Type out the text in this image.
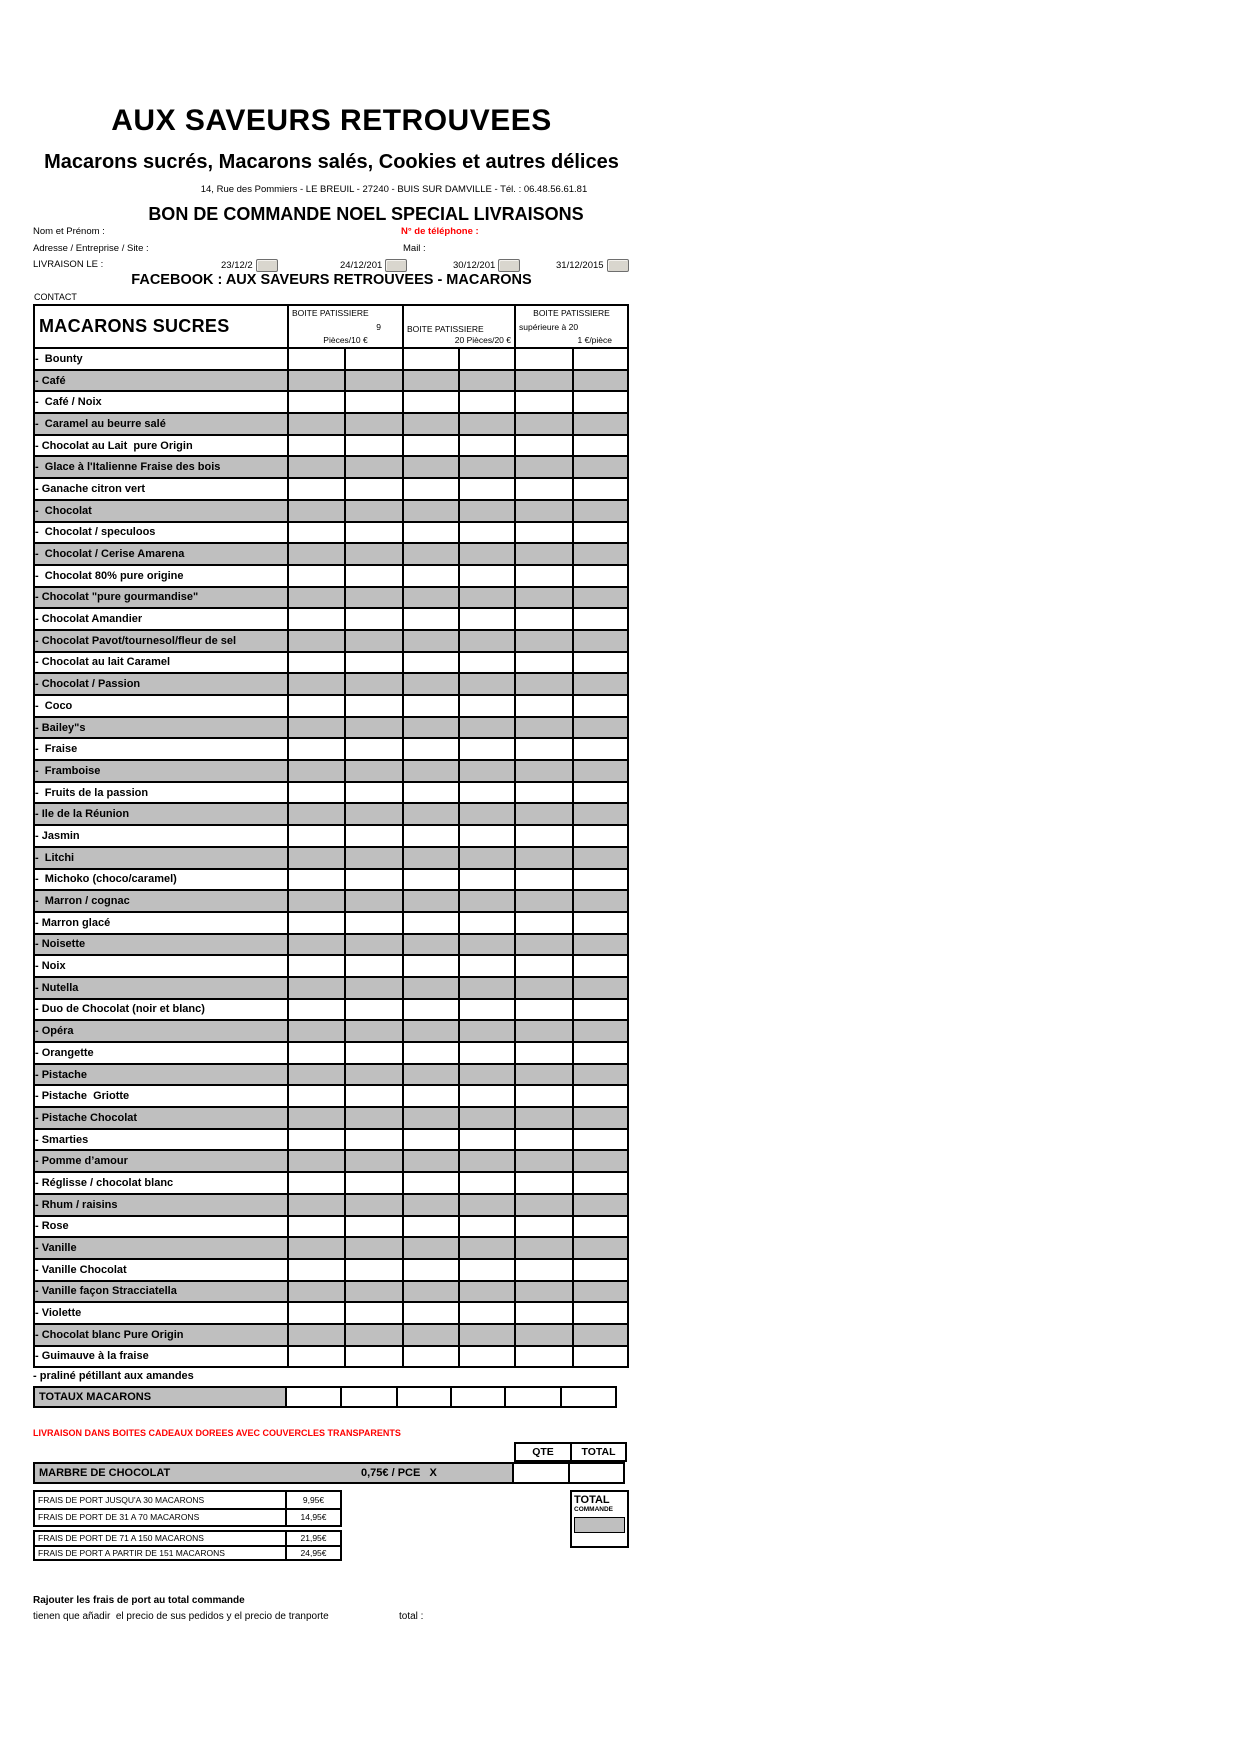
AUX SAVEURS RETROUVEES
Macarons sucrés, Macarons salés, Cookies et autres délices
14, Rue des Pommiers - LE BREUIL - 27240 - BUIS SUR DAMVILLE - Tél. : 06.48.56.61.81
BON DE COMMANDE NOEL SPECIAL LIVRAISONS
Nom et Prénom :	N° de téléphone :
Adresse / Entreprise / Site :	Mail :
LIVRAISON LE :	23/12/2	24/12/201	30/12/201	31/12/2015
FACEBOOK : AUX SAVEURS RETROUVEES - MACARONS
CONTACT
MACARONS SUCRES
BOITE PATISSIERE
9
Pièces/10 €
BOITE PATISSIERE
20 Pièces/20 €
BOITE PATISSIERE
supérieure à 20
1 €/pièce
-  Bounty
- Café
-  Café / Noix
-  Caramel au beurre salé
- Chocolat au Lait  pure Origin
-  Glace à l'Italienne Fraise des bois
- Ganache citron vert
-  Chocolat
-  Chocolat / speculoos
-  Chocolat / Cerise Amarena
-  Chocolat 80% pure origine
- Chocolat "pure gourmandise"
- Chocolat Amandier
- Chocolat Pavot/tournesol/fleur de sel
- Chocolat au lait Caramel
- Chocolat / Passion
-  Coco
- Bailey"s
-  Fraise
-  Framboise
-  Fruits de la passion
- Ile de la Réunion
- Jasmin
-  Litchi
-  Michoko (choco/caramel)
-  Marron / cognac
- Marron glacé
- Noisette
- Noix
- Nutella
- Duo de Chocolat (noir et blanc)
- Opéra
- Orangette
- Pistache
- Pistache  Griotte
- Pistache Chocolat
- Smarties
- Pomme d’amour
- Réglisse / chocolat blanc
- Rhum / raisins
- Rose
- Vanille
- Vanille Chocolat
- Vanille façon Stracciatella
- Violette
- Chocolat blanc Pure Origin
- Guimauve à la fraise
- praliné pétillant aux amandes
TOTAUX MACARONS
LIVRAISON DANS BOITES CADEAUX DOREES AVEC COUVERCLES TRANSPARENTS
QTE	TOTAL
MARBRE DE CHOCOLAT	0,75€ / PCE   X
FRAIS DE PORT JUSQU'A 30 MACARONS	9,95€
FRAIS DE PORT DE 31 A 70 MACARONS	14,95€
FRAIS DE PORT DE 71 A 150 MACARONS	21,95€
FRAIS DE PORT A PARTIR DE 151 MACARONS	24,95€
TOTAL
COMMANDE
Rajouter les frais de port au total commande
tienen que añadir  el precio de sus pedidos y el precio de tranporte	total :
